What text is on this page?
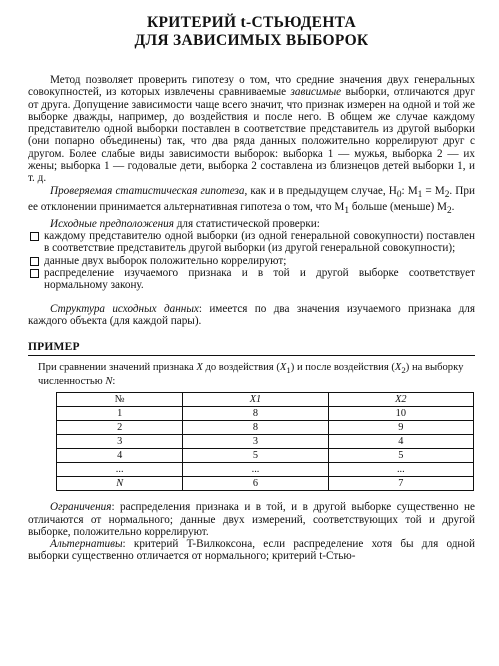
КРИТЕРИЙ t-СТЬЮДЕНТА
ДЛЯ ЗАВИСИМЫХ ВЫБОРОК

Метод позволяет проверить гипотезу о том, что средние значения двух генеральных совокупностей, из которых извлечены сравниваемые зависимые выборки, отличаются друг от друга. Допущение зависимости чаще всего значит, что признак измерен на одной и той же выборке дважды, например, до воздействия и после него. В общем же случае каждому представителю одной выборки поставлен в соответствие представитель из другой выборки (они попарно объединены) так, что два ряда данных положительно коррелируют друг с другом. Более слабые виды зависимости выборок: выборка 1 — мужья, выборка 2 — их жены; выборка 1 — годовалые дети, выборка 2 составлена из близнецов детей выборки 1, и т. д.

Проверяемая статистическая гипотеза, как и в предыдущем случае, $H_0$: $M_1 = M_2$. При ее отклонении принимается альтернативная гипотеза о том, что $M_1$ больше (меньше) $M_2$.

Исходные предположения для статистической проверки:

каждому представителю одной выборки (из одной генеральной совокупности) поставлен в соответствие представитель другой выборки (из другой генеральной совокупности);
данные двух выборок положительно коррелируют;
распределение изучаемого признака и в той и другой выборке соответствует нормальному закону.

Структура исходных данных: имеется по два значения изучаемого признака для каждого объекта (для каждой пары).

ПРИМЕР

При сравнении значений признака X до воздействия $(X_1)$ и после воздействия $(X_2)$ на выборку численностью N:

№	X1	X2
1	8	10
2	8	9
3	3	4
4	5	5
...	...	...
N	6	7

Ограничения: распределения признака и в той, и в другой выборке существенно не отличаются от нормального; данные двух измерений, соответствующих той и другой выборке, положительно коррелируют.

Альтернативы: критерий T-Вилкоксона, если распределение хотя бы для одной выборки существенно отличается от нормального; критерий t-Стью-
